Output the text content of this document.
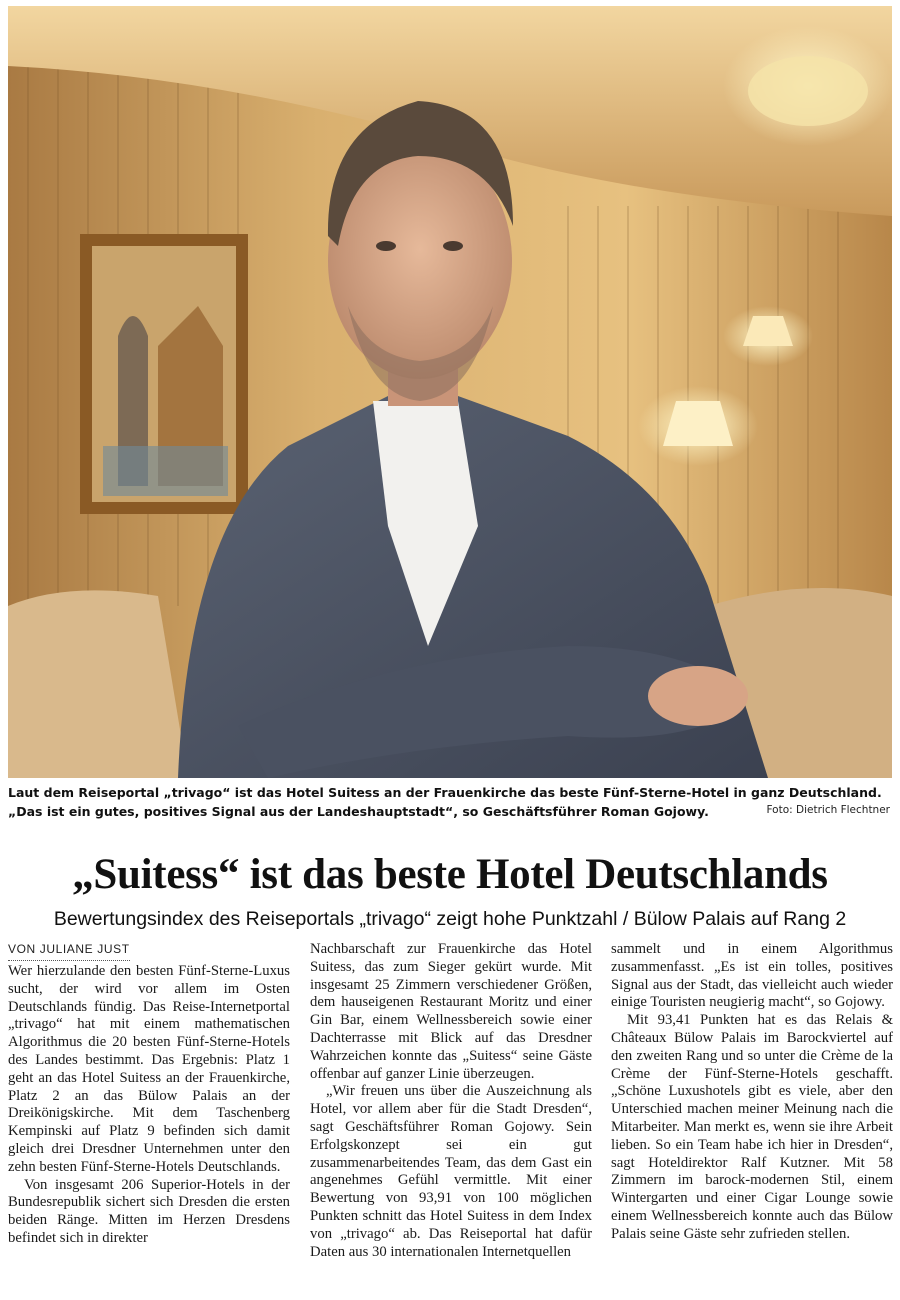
Laut dem Reiseportal „trivago“ ist das Hotel Suitess an der Frauenkirche das beste Fünf-Sterne-Hotel in ganz Deutschland. „Das ist ein gutes, positives Signal aus der Landeshauptstadt“, so Geschäftsführer Roman Gojowy.	Foto: Dietrich Flechtner
„Suitess“ ist das beste Hotel Deutschlands
Bewertungsindex des Reiseportals „trivago“ zeigt hohe Punktzahl / Bülow Palais auf Rang 2
VON JULIANE JUST

Wer hierzulande den besten Fünf-Sterne-Luxus sucht, der wird vor allem im Osten Deutschlands fündig. Das Reise-Internetportal „trivago“ hat mit einem mathematischen Algorithmus die 20 besten Fünf-Sterne-Hotels des Landes bestimmt. Das Ergebnis: Platz 1 geht an das Hotel Suitess an der Frauenkirche, Platz 2 an das Bülow Palais an der Dreikönigskirche. Mit dem Taschenberg Kempinski auf Platz 9 befinden sich damit gleich drei Dresdner Unternehmen unter den zehn besten Fünf-Sterne-Hotels Deutschlands.

Von insgesamt 206 Superior-Hotels in der Bundesrepublik sichert sich Dresden die ersten beiden Ränge. Mitten im Herzen Dresdens befindet sich in direkter

Nachbarschaft zur Frauenkirche das Hotel Suitess, das zum Sieger gekürt wurde. Mit insgesamt 25 Zimmern verschiedener Größen, dem hauseigenen Restaurant Moritz und einer Gin Bar, einem Wellnessbereich sowie einer Dachterrasse mit Blick auf das Dresdner Wahrzeichen konnte das „Suitess“ seine Gäste offenbar auf ganzer Linie überzeugen.

„Wir freuen uns über die Auszeichnung als Hotel, vor allem aber für die Stadt Dresden“, sagt Geschäftsführer Roman Gojowy. Sein Erfolgskonzept sei ein gut zusammenarbeitendes Team, das dem Gast ein angenehmes Gefühl vermittle. Mit einer Bewertung von 93,91 von 100 möglichen Punkten schnitt das Hotel Suitess in dem Index von „trivago“ ab. Das Reiseportal hat dafür Daten aus 30 internationalen Internetquellen

sammelt und in einem Algorithmus zusammenfasst. „Es ist ein tolles, positives Signal aus der Stadt, das vielleicht auch wieder einige Touristen neugierig macht“, so Gojowy.

Mit 93,41 Punkten hat es das Relais & Châteaux Bülow Palais im Barockviertel auf den zweiten Rang und so unter die Crème de la Crème der Fünf-Sterne-Hotels geschafft. „Schöne Luxushotels gibt es viele, aber den Unterschied machen meiner Meinung nach die Mitarbeiter. Man merkt es, wenn sie ihre Arbeit lieben. So ein Team habe ich hier in Dresden“, sagt Hoteldirektor Ralf Kutzner. Mit 58 Zimmern im barock-modernen Stil, einem Wintergarten und einer Cigar Lounge sowie einem Wellnessbereich konnte auch das Bülow Palais seine Gäste sehr zufrieden stellen.
